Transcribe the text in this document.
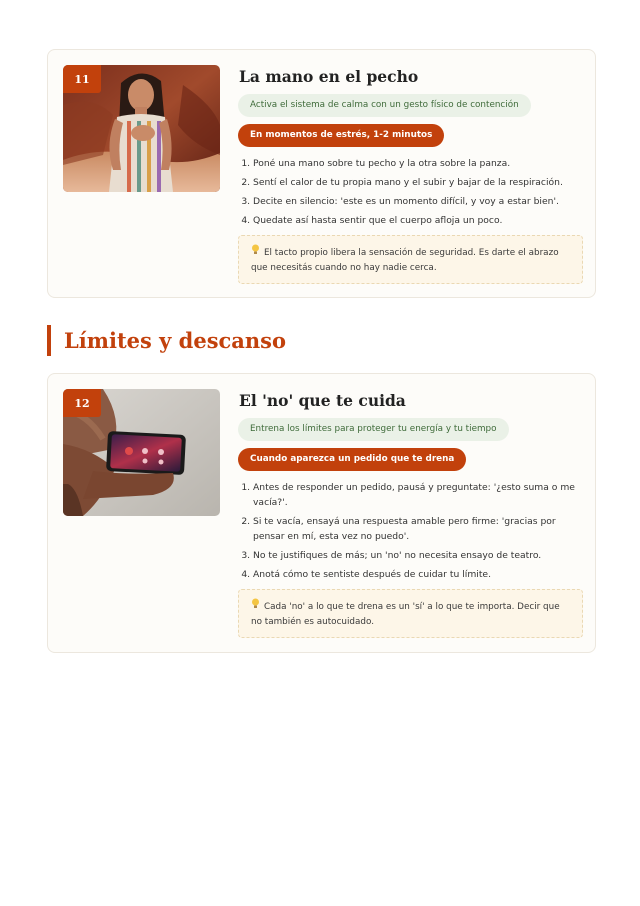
11	La mano en el pecho
Activa el sistema de calma con un gesto físico de contención
En momentos de estrés, 1-2 minutos
1. Poné una mano sobre tu pecho y la otra sobre la panza.
2. Sentí el calor de tu propia mano y el subir y bajar de la respiración.
3. Decite en silencio: 'este es un momento difícil, y voy a estar bien'.
4. Quedate así hasta sentir que el cuerpo afloja un poco.
El tacto propio libera la sensación de seguridad. Es darte el abrazo que necesitás cuando no hay nadie cerca.
Límites y descanso
12	El 'no' que te cuida
Entrena los límites para proteger tu energía y tu tiempo
Cuando aparezca un pedido que te drena
1. Antes de responder un pedido, pausá y preguntate: '¿esto suma o me vacía?'.
2. Si te vacía, ensayá una respuesta amable pero firme: 'gracias por pensar en mí, esta vez no puedo'.
3. No te justifiques de más; un 'no' no necesita ensayo de teatro.
4. Anotá cómo te sentiste después de cuidar tu límite.
Cada 'no' a lo que te drena es un 'sí' a lo que te importa. Decir que no también es autocuidado.
